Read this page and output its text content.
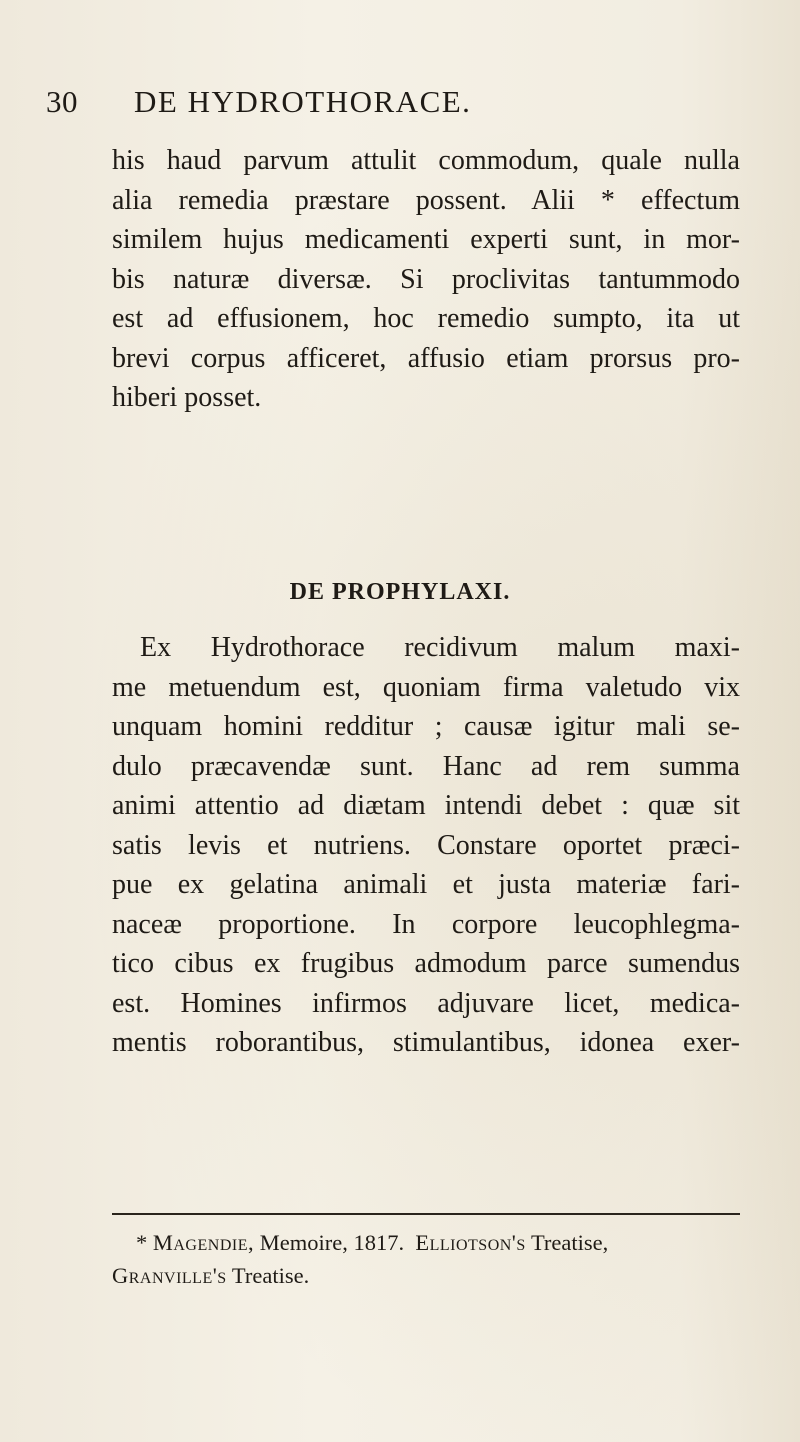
30 DE HYDROTHORACE.

his haud parvum attulit commodum, quale nulla
alia remedia præstare possent. Alii * effectum
similem hujus medicamenti experti sunt, in mor-
bis naturæ diversæ. Si proclivitas tantummodo
est ad effusionem, hoc remedio sumpto, ita ut
brevi corpus afficeret, affusio etiam prorsus pro-
hiberi posset.

DE PROPHYLAXI.

Ex Hydrothorace recidivum malum maxi-
me metuendum est, quoniam firma valetudo vix
unquam homini redditur ; causæ igitur mali se-
dulo præcavendæ sunt. Hanc ad rem summa
animi attentio ad diætam intendi debet : quæ sit
satis levis et nutriens. Constare oportet præci-
pue ex gelatina animali et justa materiæ fari-
naceæ proportione. In corpore leucophlegma-
tico cibus ex frugibus admodum parce sumendus
est. Homines infirmos adjuvare licet, medica-
mentis roborantibus, stimulantibus, idonea exer-

* Magendie, Memoire, 1817. Elliotson's Treatise,
Granville's Treatise.
